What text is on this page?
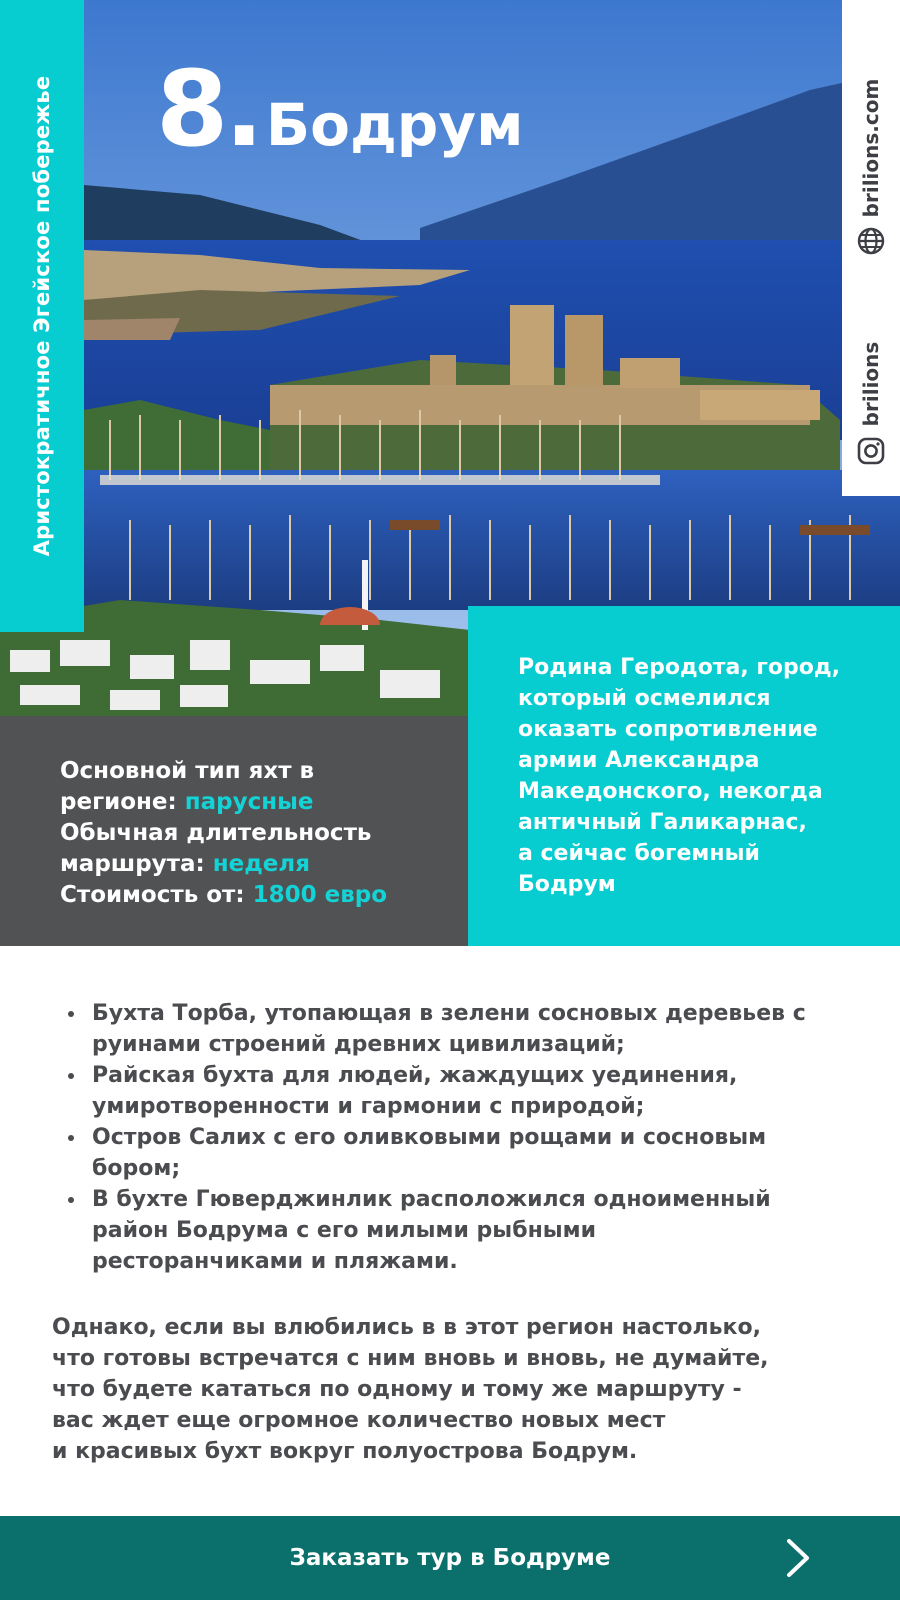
Аристократичное Эгейское побережье 8 . Бодрум	brilions.com
brilions

Основной тип яхт в
регионе: парусные

Обычная длительность
маршрута: неделя

Стоимость от: 1800 евро

Родина Геродота, город,
который осмелился
оказать сопротивление
армии Александра
Македонского, некогда
античный Галикарнас,
а сейчас богемный
Бодрум

Бухта Торба, утопающая в зелени сосновых деревьев с
руинами строений древних цивилизаций;
Райская бухта для людей, жаждущих уединения,
умиротворенности и гармонии с природой;
Остров Салих с его оливковыми рощами и сосновым
бором;
В бухте Гюверджинлик расположился одноименный
район Бодрума с его милыми рыбными
ресторанчиками и пляжами.

Однако, если вы влюбились в в этот регион настолько,
что готовы встречатся с ним вновь и вновь, не думайте,
что будете кататься по одному и тому же маршруту -
вас ждет еще огромное количество новых мест
и красивых бухт вокруг полуострова Бодрум.

Заказать тур в Бодруме
